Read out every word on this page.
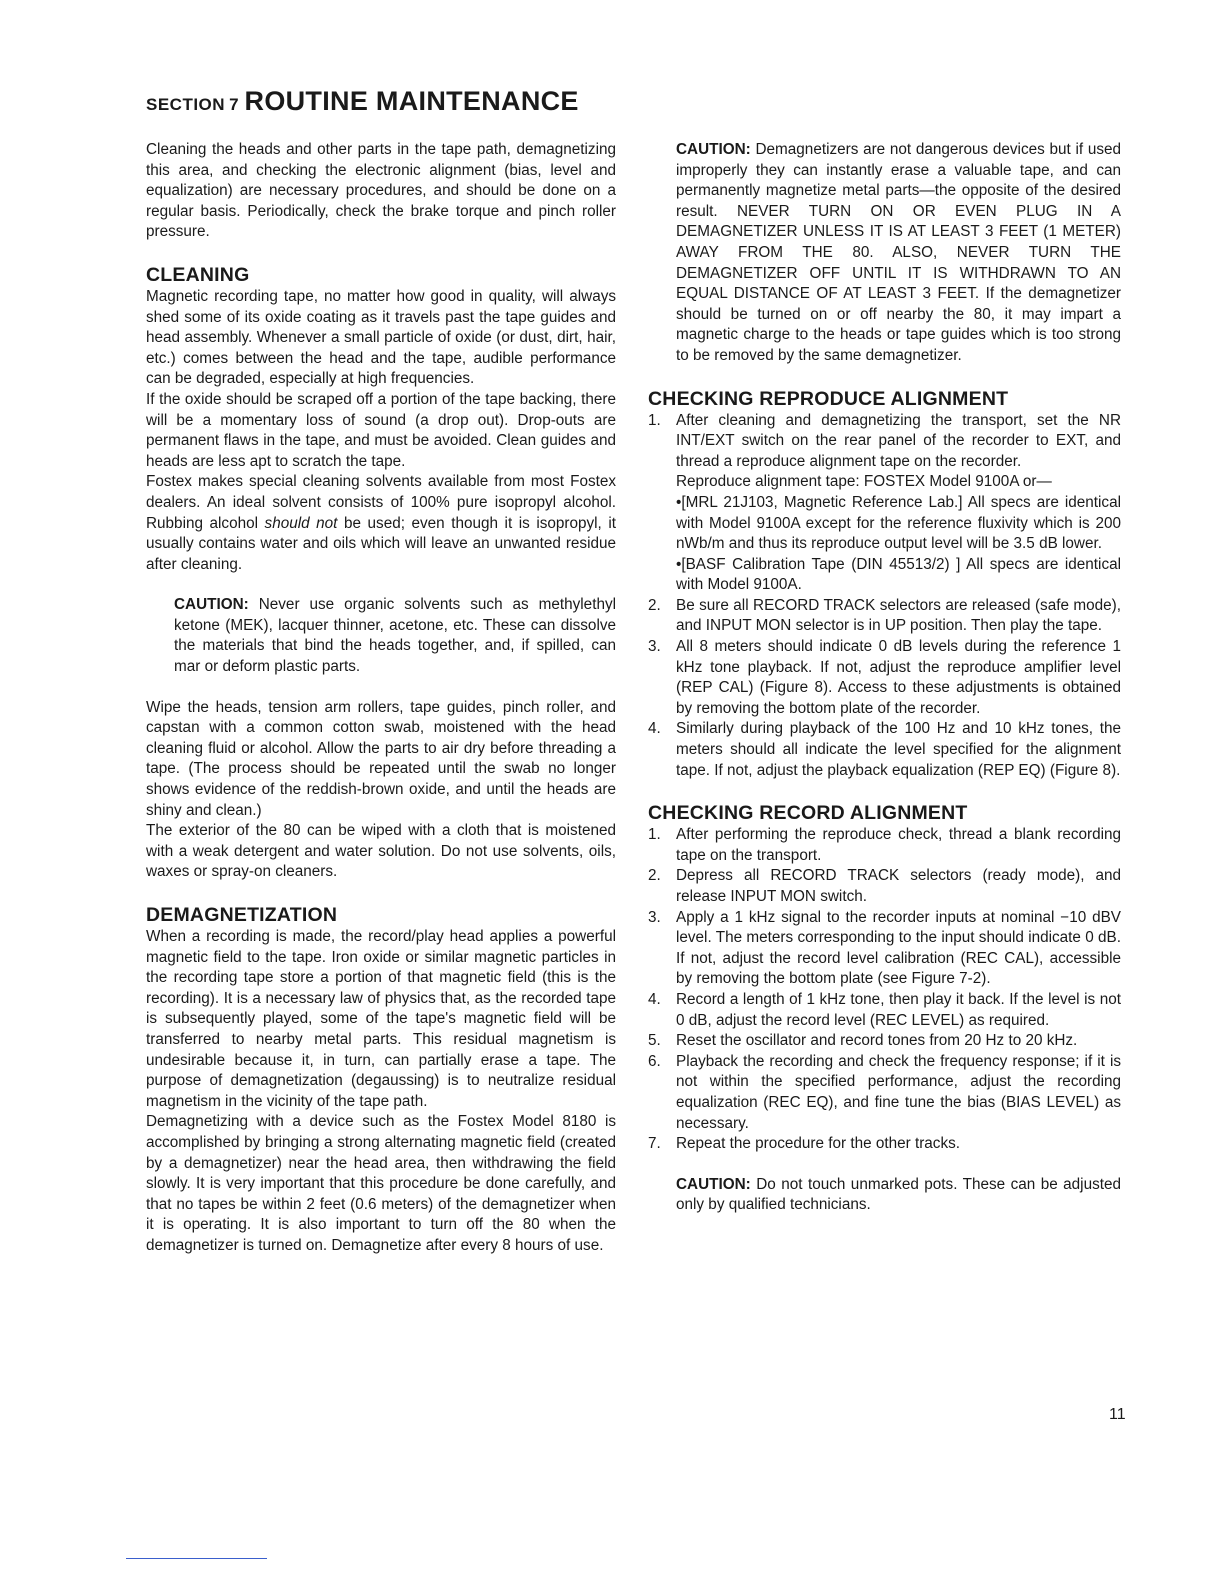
SECTION 7 ROUTINE MAINTENANCE

Cleaning the heads and other parts in the tape path, demagnetizing this area, and checking the electronic alignment (bias, level and equalization) are necessary procedures, and should be done on a regular basis. Periodically, check the brake torque and pinch roller pressure.

CLEANING

Magnetic recording tape, no matter how good in quality, will always shed some of its oxide coating as it travels past the tape guides and head assembly. Whenever a small particle of oxide (or dust, dirt, hair, etc.) comes between the head and the tape, audible performance can be degraded, especially at high frequencies.

If the oxide should be scraped off a portion of the tape backing, there will be a momentary loss of sound (a drop out). Drop-outs are permanent flaws in the tape, and must be avoided. Clean guides and heads are less apt to scratch the tape.

Fostex makes special cleaning solvents available from most Fostex dealers. An ideal solvent consists of 100% pure isopropyl alcohol. Rubbing alcohol should not be used; even though it is isopropyl, it usually contains water and oils which will leave an unwanted residue after cleaning.

CAUTION: Never use organic solvents such as methylethyl ketone (MEK), lacquer thinner, acetone, etc. These can dissolve the materials that bind the heads together, and, if spilled, can mar or deform plastic parts.

Wipe the heads, tension arm rollers, tape guides, pinch roller, and capstan with a common cotton swab, moistened with the head cleaning fluid or alcohol. Allow the parts to air dry before threading a tape. (The process should be repeated until the swab no longer shows evidence of the reddish-brown oxide, and until the heads are shiny and clean.)

The exterior of the 80 can be wiped with a cloth that is moistened with a weak detergent and water solution. Do not use solvents, oils, waxes or spray-on cleaners.

DEMAGNETIZATION

When a recording is made, the record/play head applies a powerful magnetic field to the tape. Iron oxide or similar magnetic particles in the recording tape store a portion of that magnetic field (this is the recording). It is a necessary law of physics that, as the recorded tape is subsequently played, some of the tape's magnetic field will be transferred to nearby metal parts. This residual magnetism is undesirable because it, in turn, can partially erase a tape. The purpose of demagnetization (degaussing) is to neutralize residual magnetism in the vicinity of the tape path.

Demagnetizing with a device such as the Fostex Model 8180 is accomplished by bringing a strong alternating magnetic field (created by a demagnetizer) near the head area, then withdrawing the field slowly. It is very important that this procedure be done carefully, and that no tapes be within 2 feet (0.6 meters) of the demagnetizer when it is operating. It is also important to turn off the 80 when the demagnetizer is turned on. Demagnetize after every 8 hours of use.

CAUTION: Demagnetizers are not dangerous devices but if used improperly they can instantly erase a valuable tape, and can permanently magnetize metal parts—the opposite of the desired result. NEVER TURN ON OR EVEN PLUG IN A DEMAGNETIZER UNLESS IT IS AT LEAST 3 FEET (1 METER) AWAY FROM THE 80. ALSO, NEVER TURN THE DEMAGNETIZER OFF UNTIL IT IS WITHDRAWN TO AN EQUAL DISTANCE OF AT LEAST 3 FEET. If the demagnetizer should be turned on or off nearby the 80, it may impart a magnetic charge to the heads or tape guides which is too strong to be removed by the same demagnetizer.

CHECKING REPRODUCE ALIGNMENT
1. After cleaning and demagnetizing the transport, set the NR INT/EXT switch on the rear panel of the recorder to EXT, and thread a reproduce alignment tape on the recorder.
Reproduce alignment tape: FOSTEX Model 9100A or—
•[MRL 21J103, Magnetic Reference Lab.] All specs are identical with Model 9100A except for the reference fluxivity which is 200 nWb/m and thus its reproduce output level will be 3.5 dB lower.
•[BASF Calibration Tape (DIN 45513/2) ] All specs are identical with Model 9100A.
2. Be sure all RECORD TRACK selectors are released (safe mode), and INPUT MON selector is in UP position. Then play the tape.
3. All 8 meters should indicate 0 dB levels during the reference 1 kHz tone playback. If not, adjust the reproduce amplifier level (REP CAL) (Figure 8). Access to these adjustments is obtained by removing the bottom plate of the recorder.
4. Similarly during playback of the 100 Hz and 10 kHz tones, the meters should all indicate the level specified for the alignment tape. If not, adjust the playback equalization (REP EQ) (Figure 8).
CHECKING RECORD ALIGNMENT
1. After performing the reproduce check, thread a blank recording tape on the transport.
2. Depress all RECORD TRACK selectors (ready mode), and release INPUT MON switch.
3. Apply a 1 kHz signal to the recorder inputs at nominal −10 dBV level. The meters corresponding to the input should indicate 0 dB. If not, adjust the record level calibration (REC CAL), accessible by removing the bottom plate (see Figure 7-2).
4. Record a length of 1 kHz tone, then play it back. If the level is not 0 dB, adjust the record level (REC LEVEL) as required.
5. Reset the oscillator and record tones from 20 Hz to 20 kHz.
6. Playback the recording and check the frequency response; if it is not within the specified performance, adjust the recording equalization (REC EQ), and fine tune the bias (BIAS LEVEL) as necessary.
7. Repeat the procedure for the other tracks.

CAUTION: Do not touch unmarked pots. These can be adjusted only by qualified technicians.

11
